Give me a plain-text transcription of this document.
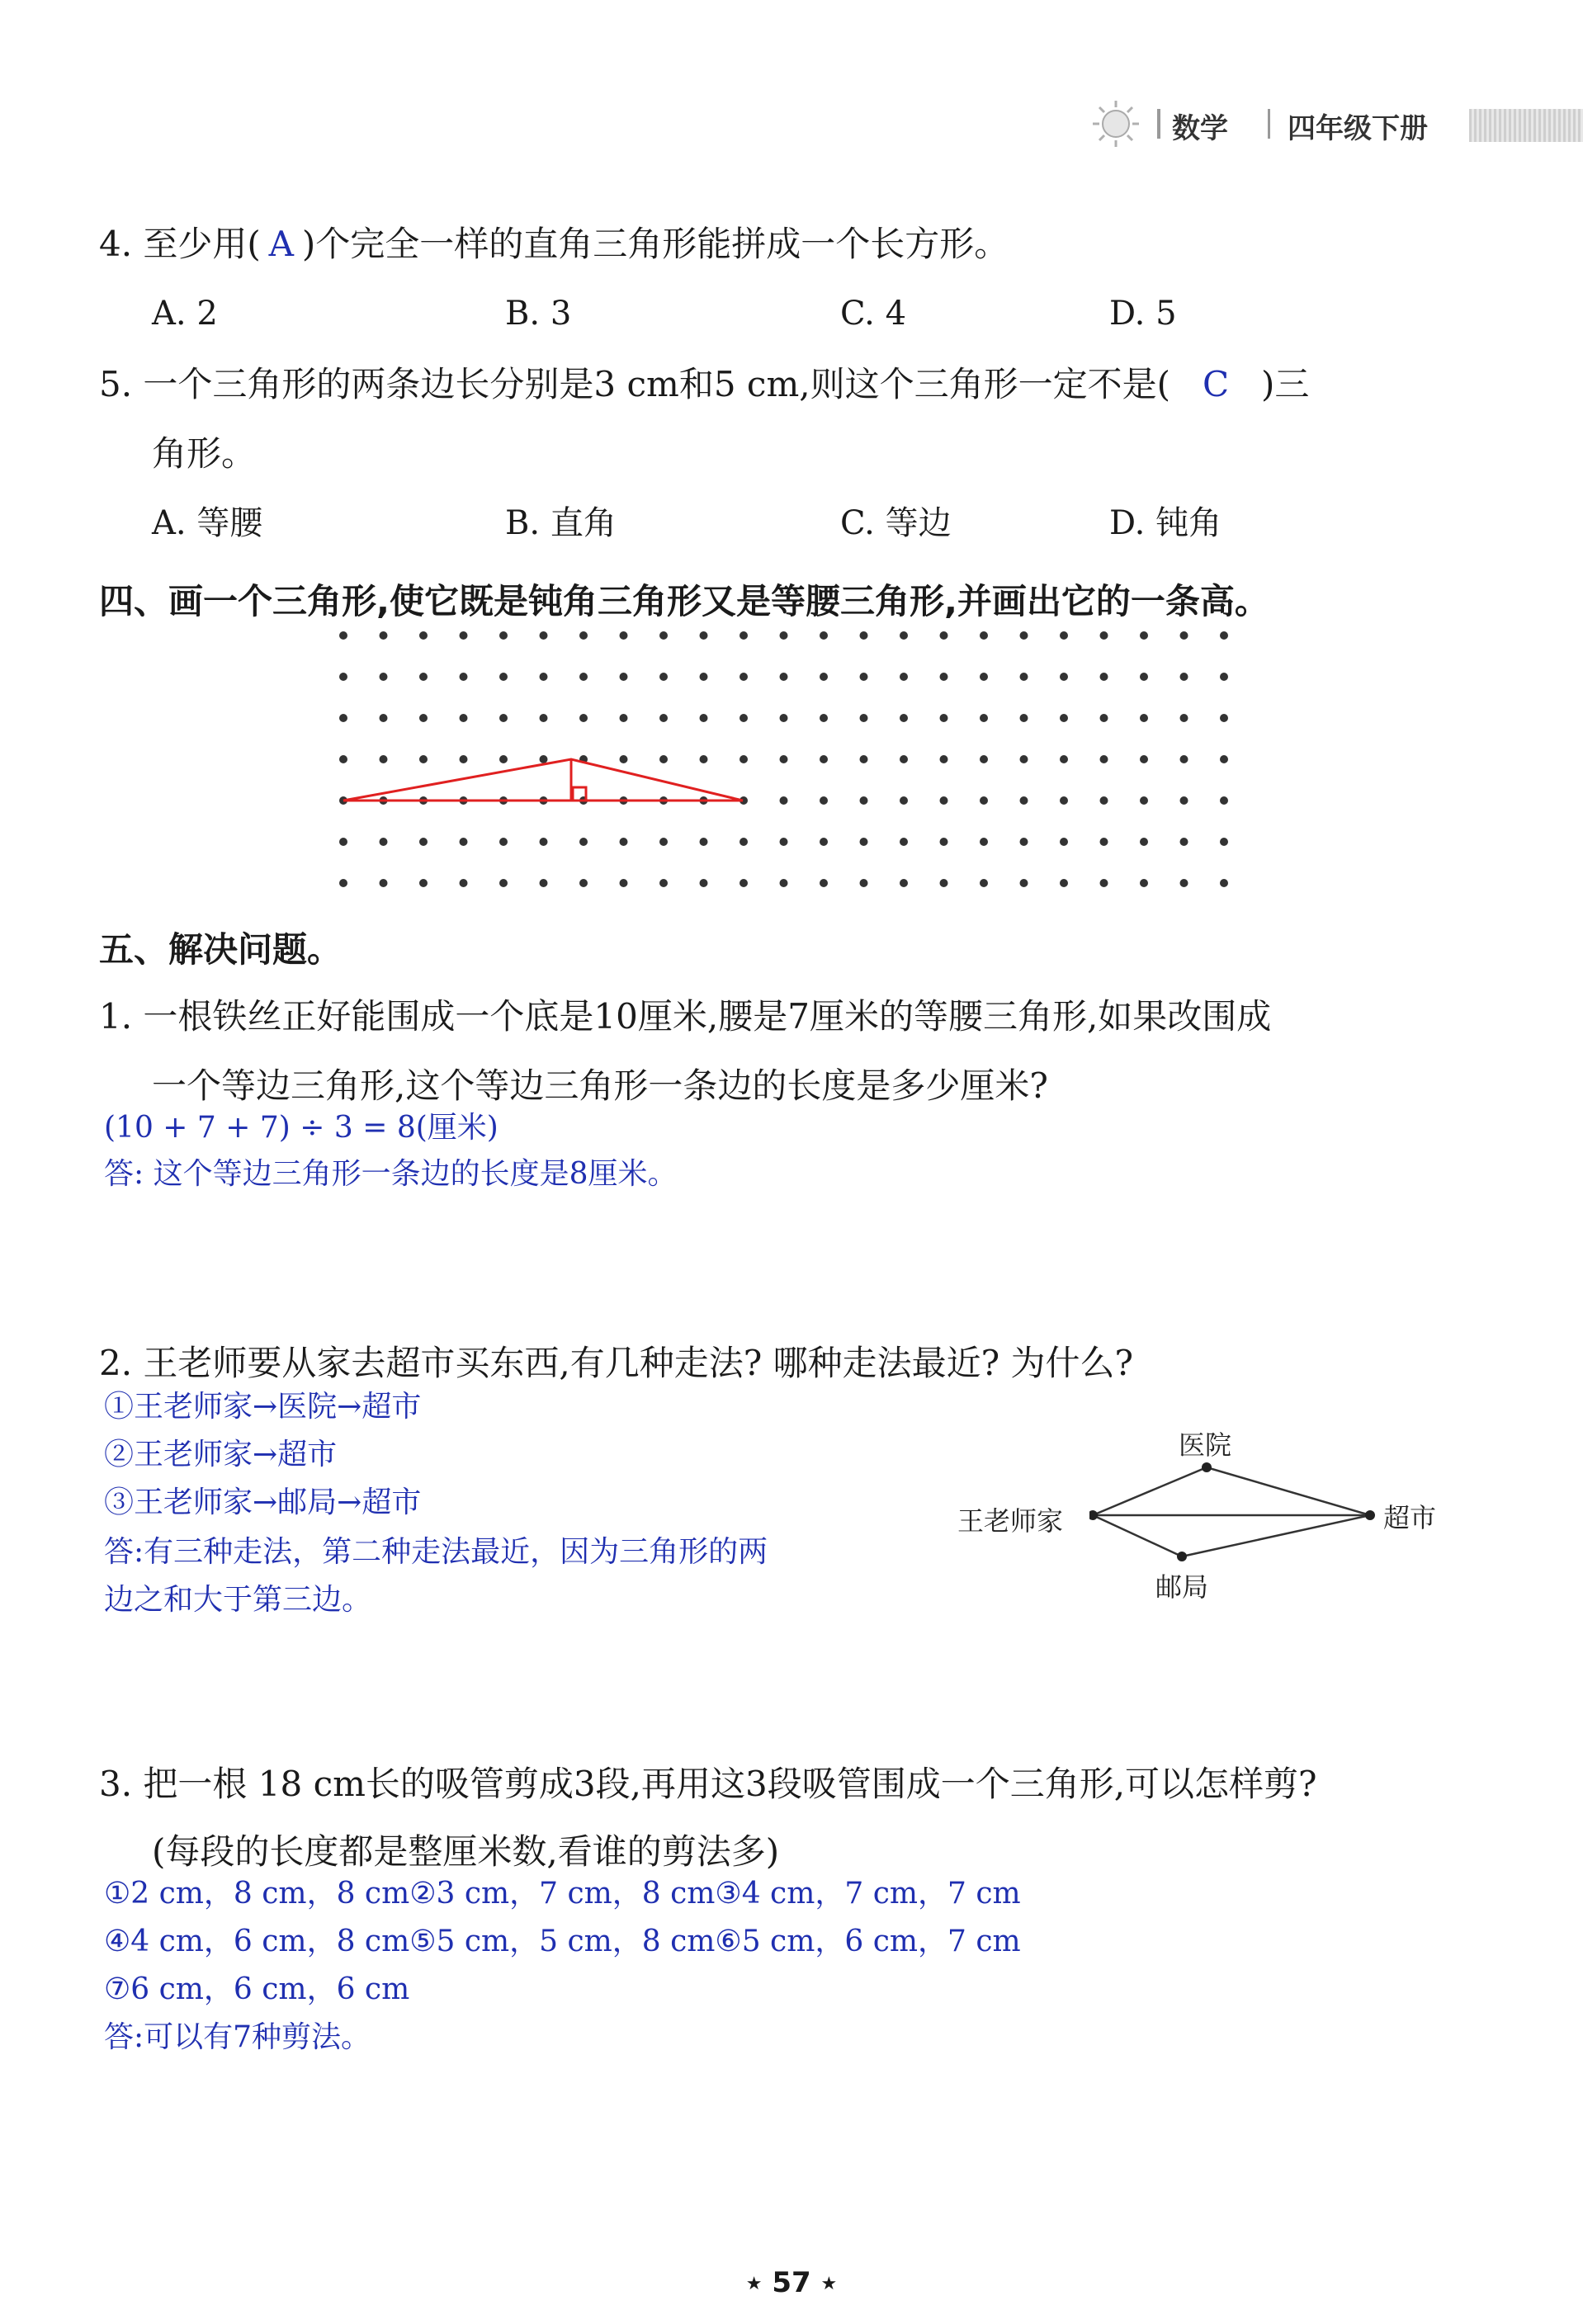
数学 四年级下册
4. 至少用( A )个完全一样的直角三角形能拼成一个长方形。
A. 2	B. 3	C. 4	D. 5
5. 一个三角形的两条边长分别是3 cm和5 cm,则这个三角形一定不是( C )三
角形。
A. 等腰	B. 直角	C. 等边	D. 钝角
四、画一个三角形,使它既是钝角三角形又是等腰三角形,并画出它的一条高。
五、解决问题。
1. 一根铁丝正好能围成一个底是10厘米,腰是7厘米的等腰三角形,如果改围成
一个等边三角形,这个等边三角形一条边的长度是多少厘米?
(10 + 7 + 7) ÷ 3 = 8(厘米)
答: 这个等边三角形一条边的长度是8厘米。
2. 王老师要从家去超市买东西,有几种走法? 哪种走法最近? 为什么?
①王老师家→医院→超市
②王老师家→超市
③王老师家→邮局→超市
答:有三种走法，第二种走法最近，因为三角形的两
边之和大于第三边。
王老师家
医院
超市
邮局
3. 把一根 18 cm长的吸管剪成3段,再用这3段吸管围成一个三角形,可以怎样剪?
(每段的长度都是整厘米数,看谁的剪法多)
①2 cm，8 cm，8 cm②3 cm，7 cm，8 cm③4 cm，7 cm，7 cm
④4 cm，6 cm，8 cm⑤5 cm，5 cm，8 cm⑥5 cm，6 cm，7 cm
⑦6 cm，6 cm，6 cm
答:可以有7种剪法。
★ 57 ★
